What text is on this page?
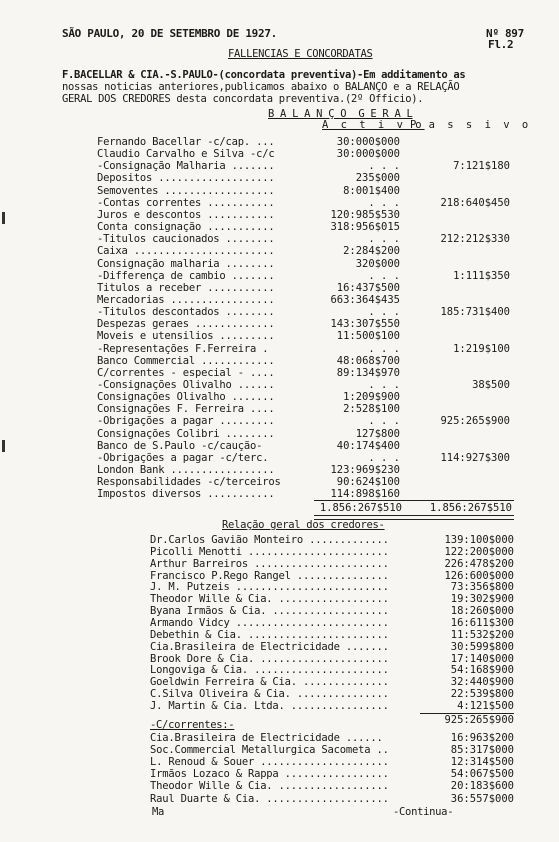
SÃO PAULO, 20 DE SETEMBRO DE 1927.	Nº 897
Fl.2
FALLENCIAS E CONCORDATAS
F.BACELLAR & CIA.-S.PAULO-(concordata preventiva)-Em additamento as
nossas noticias anteriores,publicamos abaixo o BALANÇO e a RELAÇÃO
GERAL DOS CREDORES desta concordata preventiva.(2º Officio).
B A L A N Ç O  G E R A L
A c t i v o
P a s s i v o
Fernando Bacellar -c/cap. ...	30:000$000
Claudio Carvalho e Silva -c/c	30:000$000
-Consignação Malharia .......	. . .	7:121$180
Depositos ...................	235$000
Semoventes ..................	8:001$400
-Contas correntes ...........	. . .	218:640$450
Juros e descontos ...........	120:985$530
Conta consignação ...........	318:956$015
-Titulos caucionados ........	. . .	212:212$330
Caixa .......................	2:284$200
Consignação malharia ........	320$000
-Differença de cambio .......	. . .	1:111$350
Titulos a receber ...........	16:437$500
Mercadorias .................	663:364$435
-Titulos descontados ........	. . .	185:731$400
Despezas geraes .............	143:307$550
Moveis e utensilios .........	11:500$100
-Representações F.Ferreira .	. . .	1:219$100
Banco Commercial ............	48:068$700
C/correntes - especial - ....	89:134$970
-Consignações Olivalho ......	. . .	38$500
Consignações Olivalho .......	1:209$900
Consignações F. Ferreira ....	2:528$100
-Obrigações a pagar .........	. . .	925:265$900
Consignações Colibri ........	127$800
Banco de S.Paulo -c/caução-	40:174$400
-Obrigações a pagar -c/terc.	. . .	114:927$300
London Bank .................	123:969$230
Responsabilidades -c/terceiros	90:624$100
Impostos diversos ...........	114:898$160
1.856:267$510	1.856:267$510
Relação geral dos credores-
Dr.Carlos Gavião Monteiro .............	139:100$000
Picolli Menotti .......................	122:200$000
Arthur Barreiros ......................	226:478$200
Francisco P.Rego Rangel ...............	126:600$000
J. M. Putzeis .........................	73:356$800
Theodor Wille & Cia. ..................	19:302$900
Byana Irmãos & Cia. ...................	18:260$000
Armando Vidcy .........................	16:611$300
Debethin & Cia. .......................	11:532$200
Cia.Brasileira de Electricidade .......	30:599$800
Brook Dore & Cia. .....................	17:140$000
Longoviga & Cia. ......................	54:168$900
Goeldwin Ferreira & Cia. ..............	32:440$900
C.Silva Oliveira & Cia. ...............	22:539$800
J. Martin & Cia. Ltda. ................	4:121$500
925:265$900
-C/correntes:-
Cia.Brasileira de Electricidade ......	16:963$200
Soc.Commercial Metallurgica Sacometa ..	85:317$000
L. Renoud & Souer .....................	12:314$500
Irmãos Lozaco & Rappa .................	54:067$500
Theodor Wille & Cia. ..................	20:183$600
Raul Duarte & Cia. ....................	36:557$000
Ma	-Continua-
